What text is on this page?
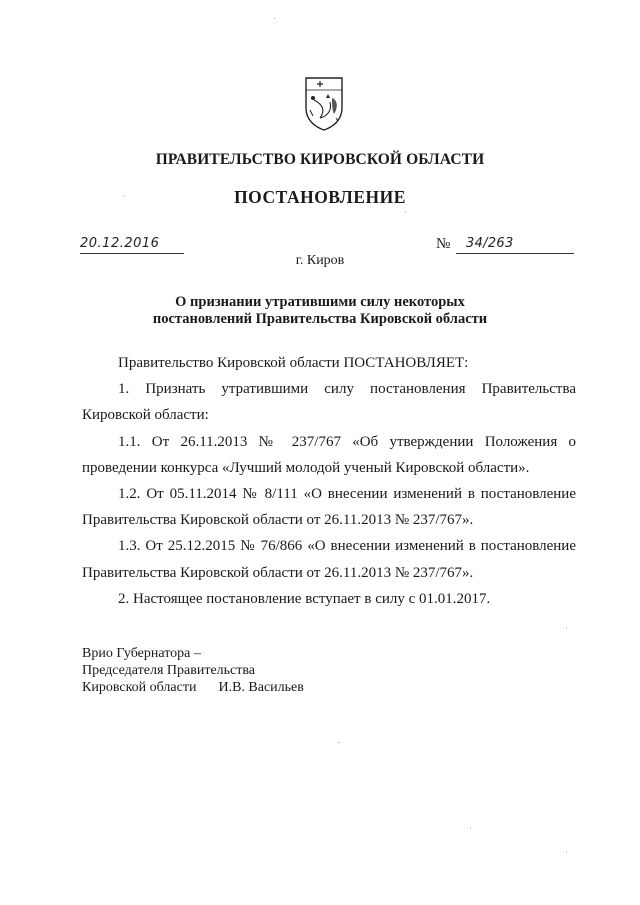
ПРАВИТЕЛЬСТВО КИРОВСКОЙ ОБЛАСТИ
ПОСТАНОВЛЕНИЕ
20.12.2016	№	34/263
г. Киров
О признании утратившими силу некоторых
постановлений Правительства Кировской области

Правительство Кировской области ПОСТАНОВЛЯЕТ:

1. Признать утратившими силу постановления Правительства

Кировской области:

1.1. От 26.11.2013 № 237/767 «Об утверждении Положения о

проведении конкурса «Лучший молодой ученый Кировской области».

1.2. От 05.11.2014 № 8/111 «О внесении изменений в постановление

Правительства Кировской области от 26.11.2013 № 237/767».

1.3. От 25.12.2015 № 76/866 «О внесении изменений в постановление

Правительства Кировской области от 26.11.2013 № 237/767».

2. Настоящее постановление вступает в силу с 01.01.2017.

Врио Губернатора –
Председателя Правительства
Кировской области И.В. Васильев
